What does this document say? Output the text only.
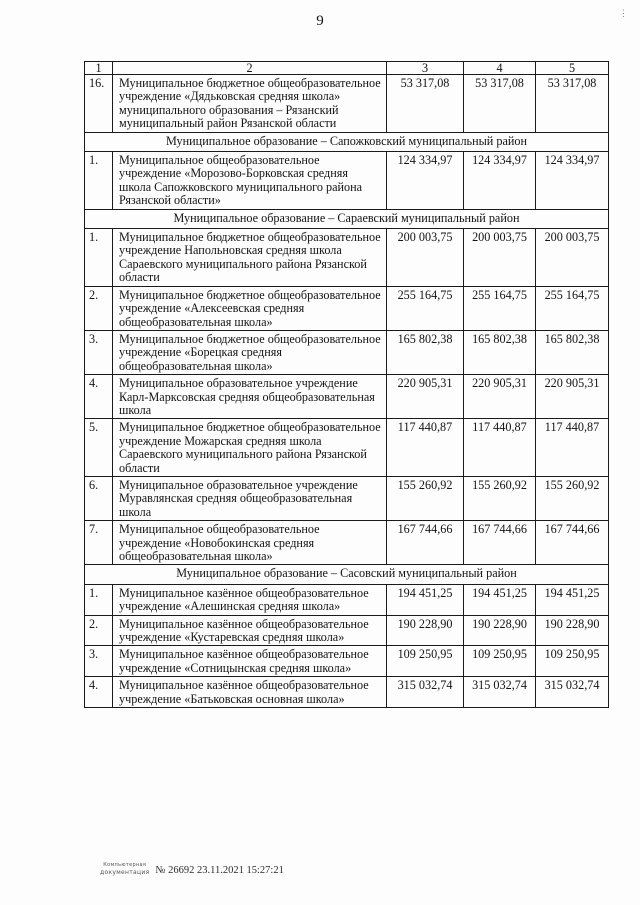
9	⋮
1	2	3	4	5
16.	Муниципальное бюджетное общеобразовательное учреждение «Дядьковская средняя школа» муниципального образования – Рязанский муниципальный район Рязанской области	53 317,08	53 317,08	53 317,08
Муниципальное образование – Сапожковский муниципальный район				
1.	Муниципальное общеобразовательное учреждение «Морозово-Борковская средняя школа Сапожковского муниципального района Рязанской области»	124 334,97	124 334,97	124 334,97
Муниципальное образование – Сараевский муниципальный район				
1.	Муниципальное бюджетное общеобразовательное учреждение Напольновская средняя школа Сараевского муниципального района Рязанской области	200 003,75	200 003,75	200 003,75
2.	Муниципальное бюджетное общеобразовательное учреждение «Алексеевская средняя общеобразовательная школа»	255 164,75	255 164,75	255 164,75
3.	Муниципальное бюджетное общеобразовательное учреждение «Борецкая средняя общеобразовательная школа»	165 802,38	165 802,38	165 802,38
4.	Муниципальное образовательное учреждение Карл-Марксовская средняя общеобразовательная школа	220 905,31	220 905,31	220 905,31
5.	Муниципальное бюджетное общеобразовательное учреждение Можарская средняя школа Сараевского муниципального района Рязанской области	117 440,87	117 440,87	117 440,87
6.	Муниципальное образовательное учреждение Муравлянская средняя общеобразовательная школа	155 260,92	155 260,92	155 260,92
7.	Муниципальное общеобразовательное учреждение «Новобокинская средняя общеобразовательная школа»	167 744,66	167 744,66	167 744,66
Муниципальное образование – Сасовский муниципальный район				
1.	Муниципальное казённое общеобразовательное учреждение «Алешинская средняя школа»	194 451,25	194 451,25	194 451,25
2.	Муниципальное казённое общеобразовательное учреждение «Кустаревская средняя школа»	190 228,90	190 228,90	190 228,90
3.	Муниципальное казённое общеобразовательное учреждение «Сотницынская средняя школа»	109 250,95	109 250,95	109 250,95
4.	Муниципальное казённое общеобразовательное учреждение «Батьковская основная школа»	315 032,74	315 032,74	315 032,74
Компьютерная
документация № 26692 23.11.2021 15:27:21
